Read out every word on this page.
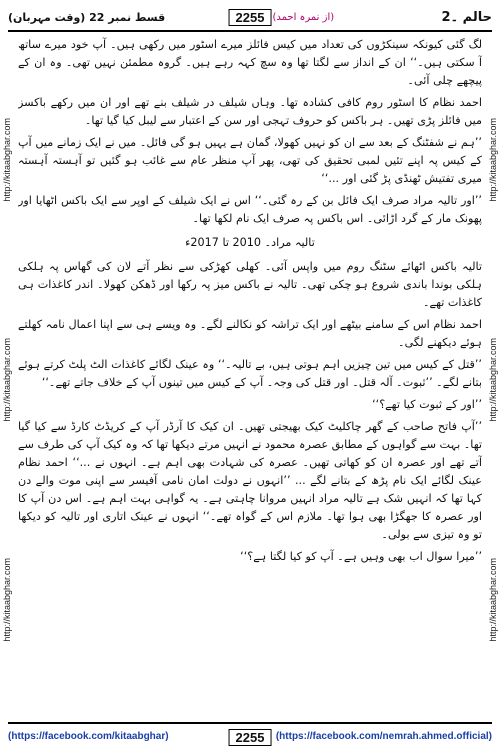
حالم ۔2
(از نمرہ احمد)
قسط نمبر 22 (وقت مہربان)	2255
http://kitaabghar.com
http://kitaabghar.com
http://kitaabghar.com
http://kitaabghar.com
http://kitaabghar.com
http://kitaabghar.com

لگ گئی کیونکہ سینکڑوں کی تعداد میں کیس فائلز میرے اسٹور میں رکھی ہیں۔ آپ خود میرے ساتھ آ سکتی ہیں۔‘‘ ان کے انداز سے لگتا تھا وہ سچ کہہ رہے ہیں۔ گروہ مطمئن نہیں تھی۔ وہ ان کے پیچھے چلی آئی۔

احمد نظام کا اسٹور روم کافی کشادہ تھا۔ وہاں شیلف در شیلف بنے تھے اور ان میں رکھے باکسز میں فائلز پڑی تھیں۔ ہر باکس کو حروف تہجی اور سن کے اعتبار سے لیبل کیا گیا تھا۔

’’ہم نے شفٹنگ کے بعد سے ان کو نہیں کھولا، گمان ہے یہیں ہو گی فائل۔ میں نے ایک زمانے میں آپ کے کیس پہ اپنے تئیں لمبی تحقیق کی تھی، پھر آپ منظر عام سے غائب ہو گئیں تو آہستہ آہستہ میری تفتیش ٹھنڈی پڑ گئی اور ...‘‘

’’اور تالیہ مراد صرف ایک فائل بن کے رہ گئی۔‘‘ اس نے ایک شیلف کے اوپر سے ایک باکس اٹھایا اور پھونک مار کے گرد اڑائی۔ اس باکس پہ صرف ایک نام لکھا تھا۔

تالیہ مراد۔ 2010 تا 2017ء

تالیہ باکس اٹھائے سٹنگ روم میں واپس آئی۔ کھلی کھڑکی سے نظر آتے لان کی گھاس پہ ہلکی ہلکی بوندا باندی شروع ہو چکی تھی۔ تالیہ نے باکس میز پہ رکھا اور ڈھکن کھولا۔ اندر کاغذات ہی کاغذات تھے۔

احمد نظام اس کے سامنے بیٹھے اور ایک تراشہ کو نکالنے لگے۔ وہ ویسے ہی سے اپنا اعمال نامہ کھلتے ہوئے دیکھنے لگی۔

’’قتل کے کیس میں تین چیزیں اہم ہوتی ہیں، بے تالیہ۔‘‘ وہ عینک لگائے کاغذات الٹ پلٹ کرتے ہوئے بتانے لگے۔ ’’ثبوت۔ آلہ قتل۔ اور قتل کی وجہ۔ آپ کے کیس میں تینوں آپ کے خلاف جاتے تھے۔‘‘

’’اور کے ثبوت کیا تھے؟‘‘

’’آپ فاتح صاحب کے گھر چاکلیٹ کیک بھیجتی تھیں۔ ان کیک کا آرڈر آپ کے کریڈٹ کارڈ سے کیا گیا تھا۔ بہت سے گواہوں کے مطابق عصرہ محمود نے انہیں مرتے دیکھا تھا کہ وہ کیک آپ کی طرف سے آتے تھے اور عصرہ ان کو کھاتی تھیں۔ عصرہ کی شہادت بھی اہم ہے۔ انہوں نے ...‘‘ احمد نظام عینک لگائے ایک نام پڑھ کے بتانے لگے ... ’’انہوں نے دولت امان نامی آفیسر سے اپنی موت والے دن کہا تھا کہ انہیں شک ہے تالیہ مراد انہیں مروانا چاہتی ہے۔ یہ گواہی بہت اہم ہے۔ اس دن آپ کا اور عصرہ کا جھگڑا بھی ہوا تھا۔ ملازم اس کے گواہ تھے۔‘‘ انہوں نے عینک اتاری اور تالیہ کو دیکھا تو وہ تیزی سے بولی۔

’’میرا سوال اب بھی وہیں ہے۔ آپ کو کیا لگتا ہے؟‘‘

(https://facebook.com/kitaabghar)	2255	(https://facebook.com/nemrah.ahmed.official)
